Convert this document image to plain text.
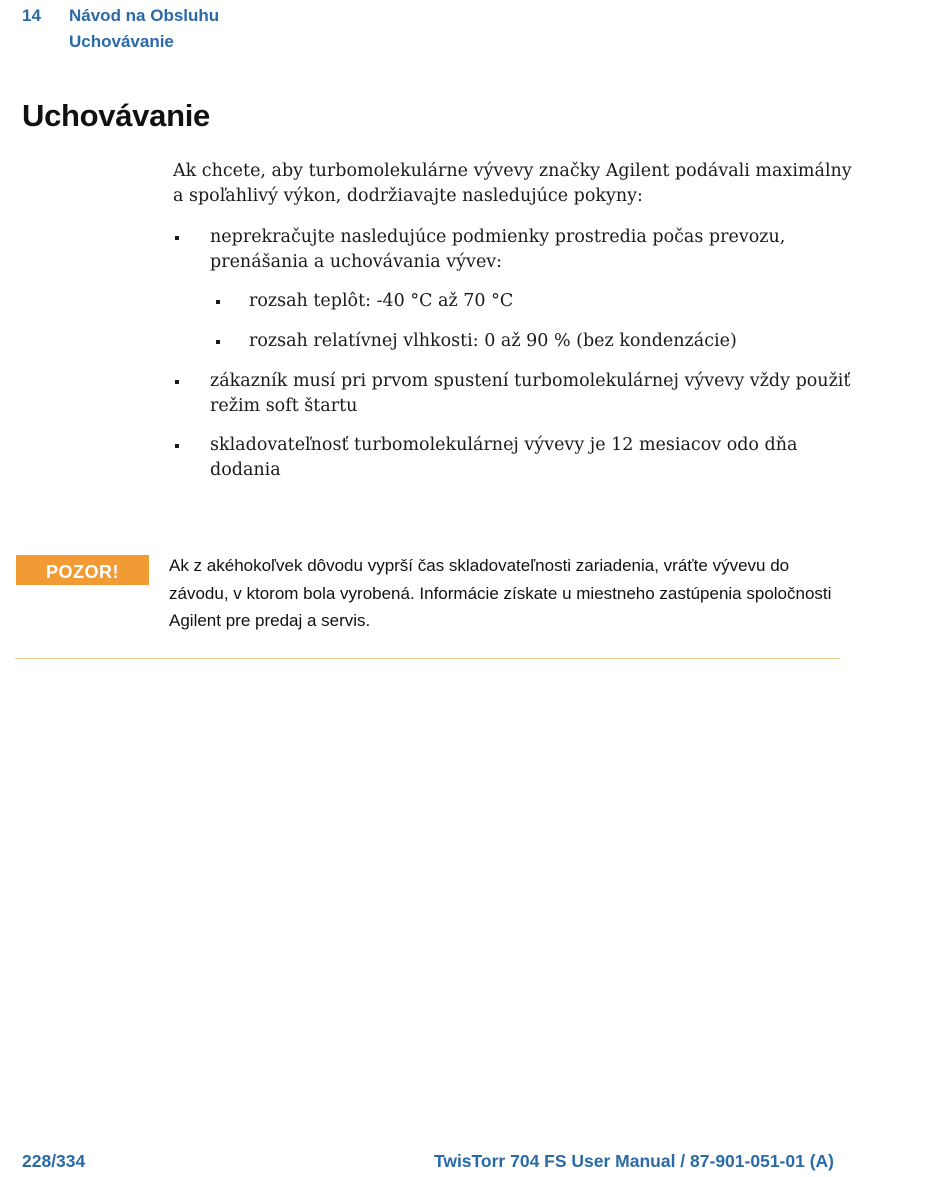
14 Návod na Obsluhu
Uchovávanie
Uchovávanie

Ak chcete, aby turbomolekulárne vývevy značky Agilent podávali maximálny a spoľahlivý výkon, dodržiavajte nasledujúce pokyny:

neprekračujte nasledujúce podmienky prostredia počas prevozu, prenášania a uchovávania vývev:
rozsah teplôt: -40 °C až 70 °C
rozsah relatívnej vlhkosti: 0 až 90 % (bez kondenzácie)
zákazník musí pri prvom spustení turbomolekulárnej vývevy vždy použiť režim soft štartu
skladovateľnosť turbomolekulárnej vývevy je 12 mesiacov odo dňa dodania
POZOR!	Ak z akéhokoľvek dôvodu vyprší čas skladovateľnosti zariadenia, vráťte vývevu do závodu, v ktorom bola vyrobená. Informácie získate u miestneho zastúpenia spoločnosti Agilent pre predaj a servis.
228/334	TwisTorr 704 FS User Manual / 87-901-051-01 (A)
